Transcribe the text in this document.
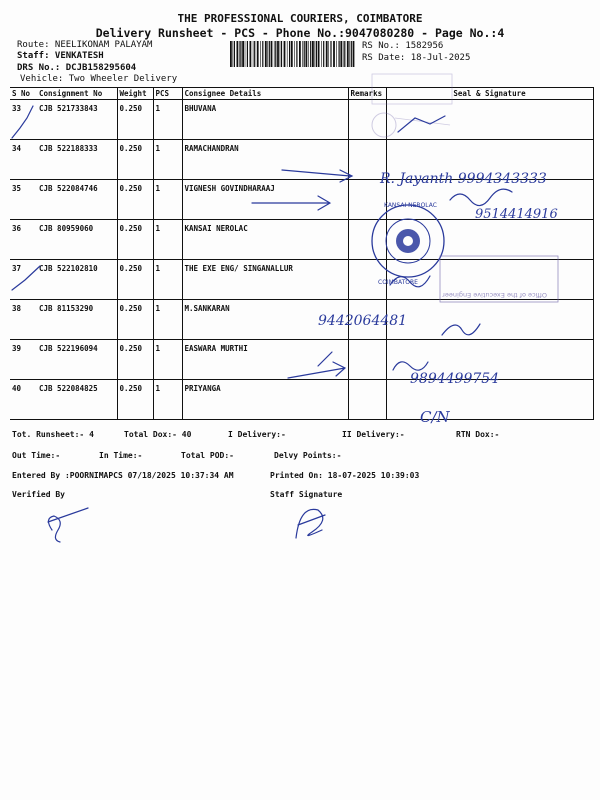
THE PROFESSIONAL COURIERS, COIMBATORE
Delivery Runsheet - PCS - Phone No.:9047080280 - Page No.:4
Route: NEELIKONAM PALAYAM
Staff: VENKATESH
DRS No.: DCJB158295604
Vehicle: Two Wheeler Delivery
RS No.: 1582956
RS Date: 18-Jul-2025
S No	Consignment No	Weight	PCS	Consignee Details	Remarks	Seal & Signature
33	CJB 521733843	0.250	1	BHUVANA		
34	CJB 522188333	0.250	1	RAMACHANDRAN		
35	CJB 522084746	0.250	1	VIGNESH GOVINDHARAAJ		
36	CJB 80959060	0.250	1	KANSAI NEROLAC		
37	CJB 522102810	0.250	1	THE EXE ENG/ SINGANALLUR		
38	CJB 81153290	0.250	1	M.SANKARAN		
39	CJB 522196094	0.250	1	EASWARA MURTHI		
40	CJB 522084825	0.250	1	PRIYANGA		
R. Jayanth 9994343333
9514414916
KANSAI NEROLAC
COIMBATORE
Office of the Executive Engineer
9442064481
9894499754
C/N
Tot. Runsheet:- 4	Total Dox:- 40	I Delivery:-	II Delivery:-	RTN Dox:-
Out Time:-	In Time:-	Total POD:-	Delvy Points:-
Entered By :POORNIMAPCS 07/18/2025 10:37:34 AM	Printed On: 18-07-2025 10:39:03
Verified By	Staff Signature
